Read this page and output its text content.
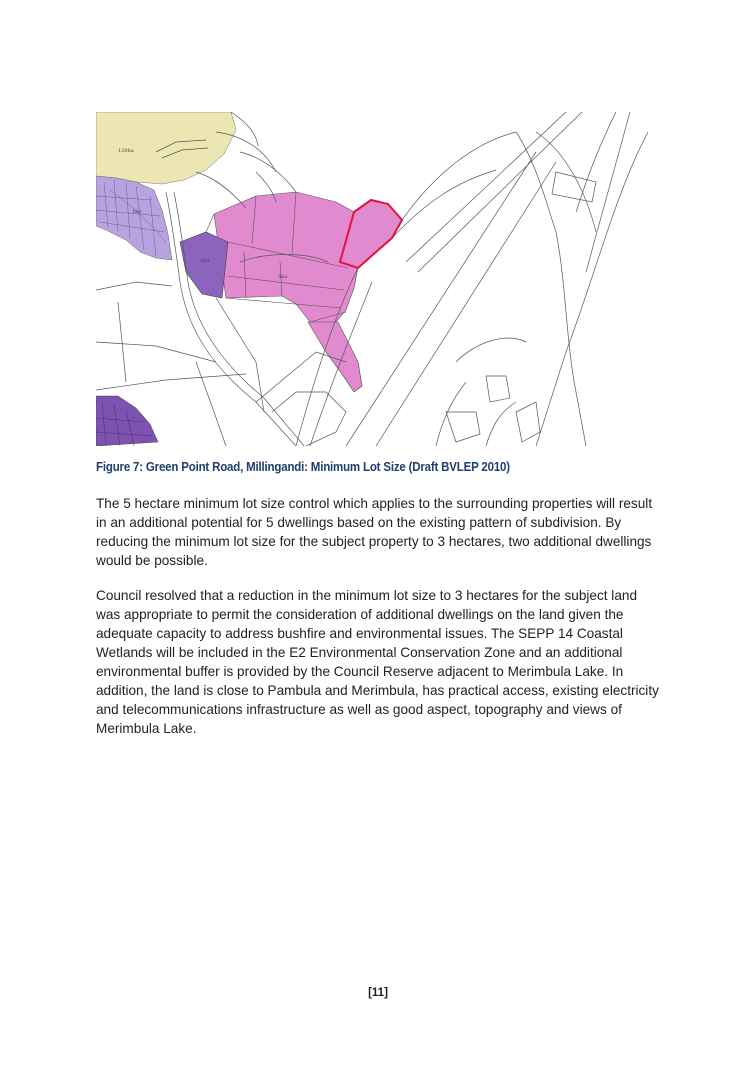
120ha
1ha
4ha
5ha
Figure 7: Green Point Road, Millingandi: Minimum Lot Size (Draft BVLEP 2010)

The 5 hectare minimum lot size control which applies to the surrounding properties will result in an additional potential for 5 dwellings based on the existing pattern of subdivision. By reducing the minimum lot size for the subject property to 3 hectares, two additional dwellings would be possible.

Council resolved that a reduction in the minimum lot size to 3 hectares for the subject land was appropriate to permit the consideration of additional dwellings on the land given the adequate capacity to address bushfire and environmental issues. The SEPP 14 Coastal Wetlands will be included in the E2 Environmental Conservation Zone and an additional environmental buffer is provided by the Council Reserve adjacent to Merimbula Lake. In addition, the land is close to Pambula and Merimbula, has practical access, existing electricity and telecommunications infrastructure as well as good aspect, topography and views of Merimbula Lake.

[11]
